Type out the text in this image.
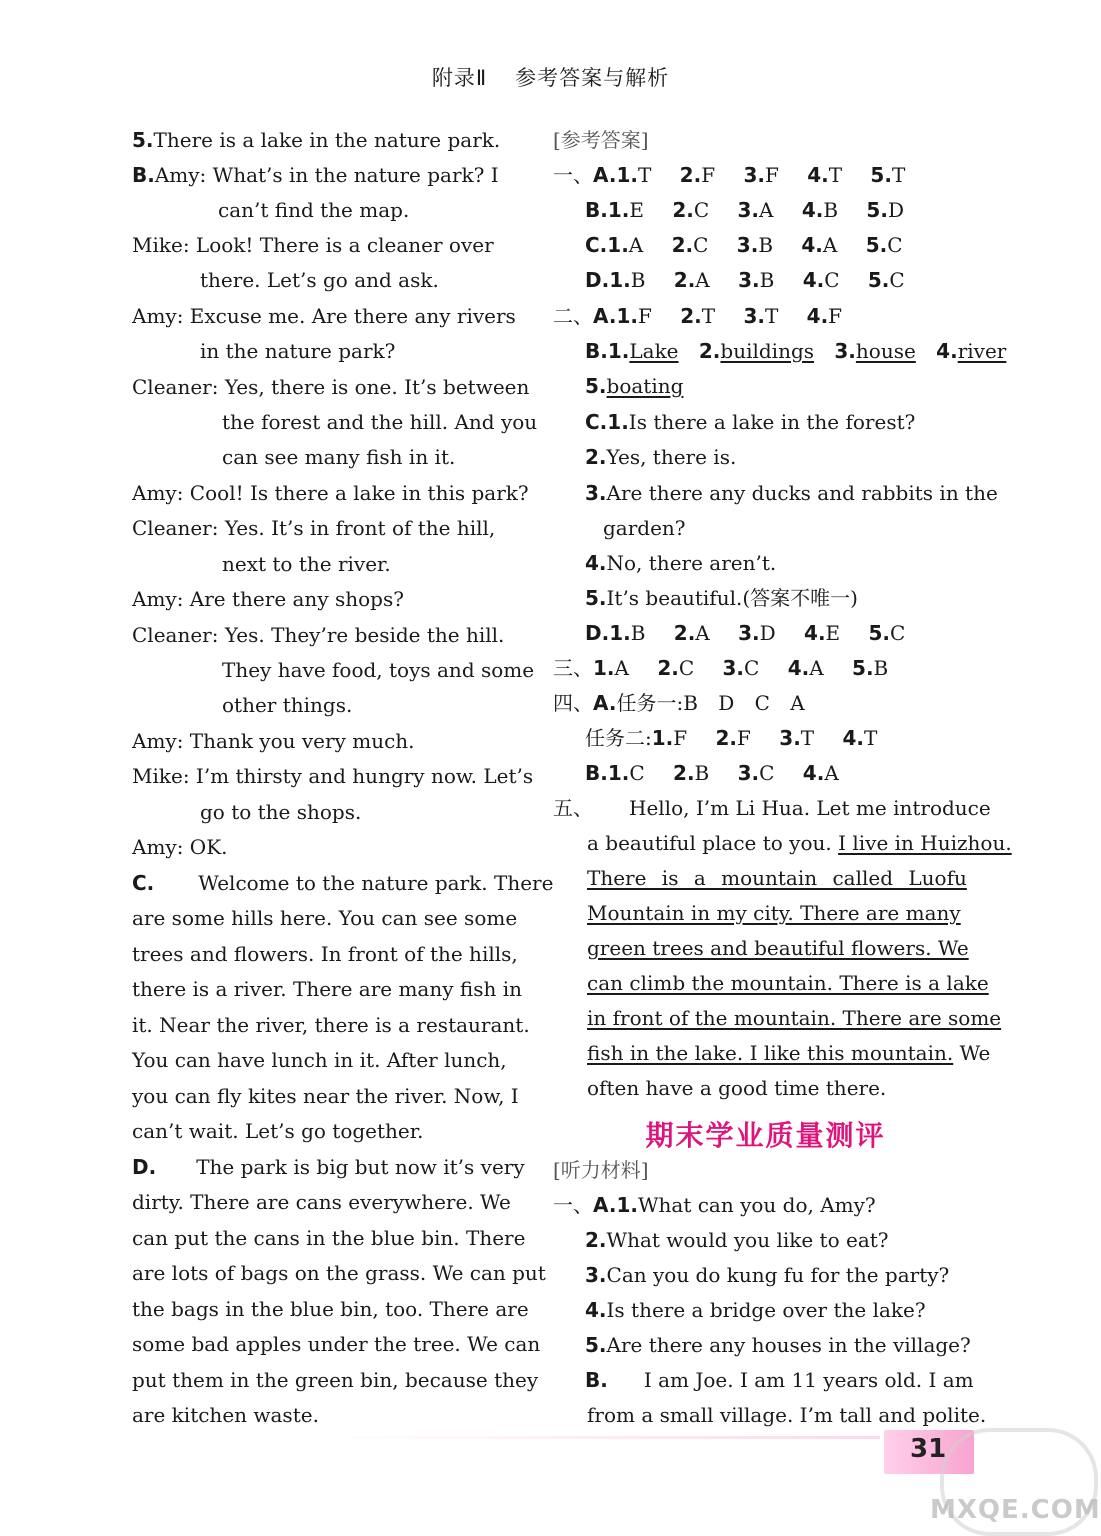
附录Ⅱ 参考答案与解析
5.There is a lake in the nature park.
B.Amy: What’s in the nature park? I
can’t find the map.
Mike: Look! There is a cleaner over
there. Let’s go and ask.
Amy: Excuse me. Are there any rivers
in the nature park?
Cleaner: Yes, there is one. It’s between
the forest and the hill. And you
can see many fish in it.
Amy: Cool! Is there a lake in this park?
Cleaner: Yes. It’s in front of the hill,
next to the river.
Amy: Are there any shops?
Cleaner: Yes. They’re beside the hill.
They have food, toys and some
other things.
Amy: Thank you very much.
Mike: I’m thirsty and hungry now. Let’s
go to the shops.
Amy: OK.
C. Welcome to the nature park. There
are some hills here. You can see some
trees and flowers. In front of the hills,
there is a river. There are many fish in
it. Near the river, there is a restaurant.
You can have lunch in it. After lunch,
you can fly kites near the river. Now, I
can’t wait. Let’s go together.
D. The park is big but now it’s very
dirty. There are cans everywhere. We
can put the cans in the blue bin. There
are lots of bags on the grass. We can put
the bags in the blue bin, too. There are
some bad apples under the tree. We can
put them in the green bin, because they
are kitchen waste.
[参考答案]
一、A.1.T 2.F 3.F 4.T 5.T
B.1.E 2.C 3.A 4.B 5.D
C.1.A 2.C 3.B 4.A 5.C
D.1.B 2.A 3.B 4.C 5.C
二、A.1.F 2.T 3.T 4.F
B.1.Lake 2.buildings 3.house 4.river
5.boating
C.1.Is there a lake in the forest?
2.Yes, there is.
3.Are there any ducks and rabbits in the
garden?
4.No, there aren’t.
5.It’s beautiful.(答案不唯一)
D.1.B 2.A 3.D 4.E 5.C
三、1.A 2.C 3.C 4.A 5.B
四、A.任务一:B D C A
任务二:1.F 2.F 3.T 4.T
B.1.C 2.B 3.C 4.A
五、 Hello, I’m Li Hua. Let me introduce
a beautiful place to you. I live in Huizhou.
There is a mountain called Luofu
Mountain in my city. There are many
green trees and beautiful flowers. We
can climb the mountain. There is a lake
in front of the mountain. There are some
fish in the lake. I like this mountain. We
often have a good time there.
期末学业质量测评
[听力材料]
一、A.1.What can you do, Amy?
2.What would you like to eat?
3.Can you do kung fu for the party?
4.Is there a bridge over the lake?
5.Are there any houses in the village?
B. I am Joe. I am 11 years old. I am
from a small village. I’m tall and polite.
31
MXQE.COM
